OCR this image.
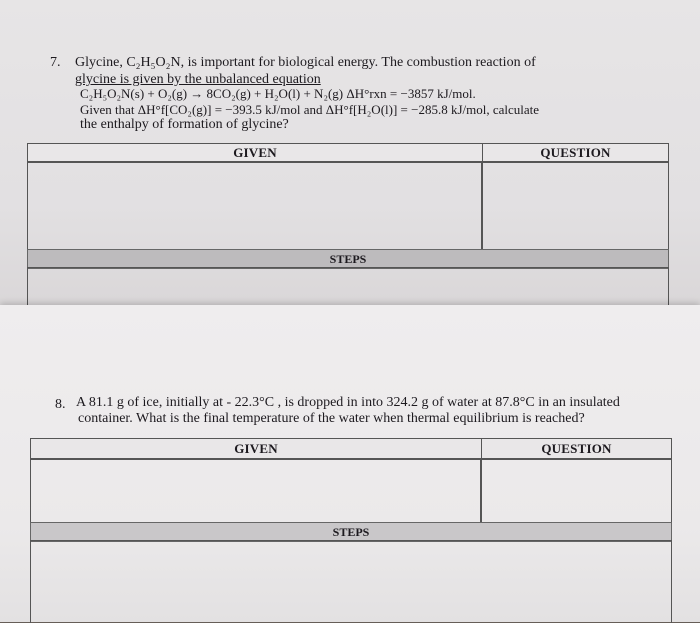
7. Glycine, C₂H₅O₂N, is important for biological energy. The combustion reaction of
glycine is given by the unbalanced equation
C₂H₅O₂N(s) + O₂(g) → 8CO₂(g) + H₂O(l) + N₂(g) ΔH°rxn = −3857 kJ/mol.
Given that ΔH°f[CO₂(g)] = −393.5 kJ/mol and ΔH°f[H₂O(l)] = −285.8 kJ/mol, calculate
the enthalpy of formation of glycine?
GIVEN	QUESTION
STEPS
8. A 81.1 g of ice, initially at - 22.3°C , is dropped in into 324.2 g of water at 87.8°C in an insulated
container. What is the final temperature of the water when thermal equilibrium is reached?
GIVEN	QUESTION
STEPS
